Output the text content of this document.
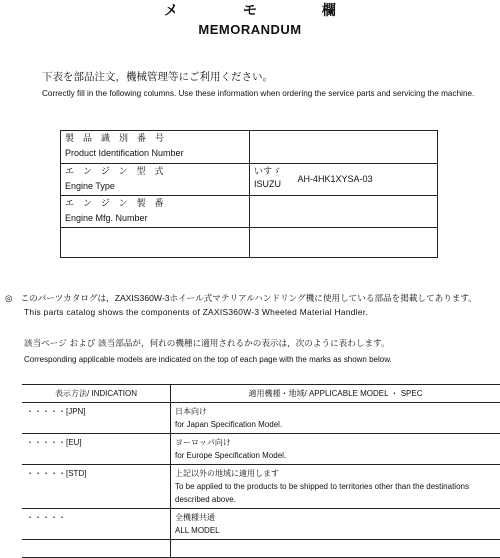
メ モ 欄
MEMORANDUM
下表を部品注文，機械管理等にご利用ください。
Correctly fill in the following columns. Use these information when ordering the service parts and servicing the machine.
製品識別番号
Product Identification Number	

エンジン型式
Engine Type	いすゞ
ISUZU AH-4HK1XYSA-03

エンジン製番
Engine Mfg. Number	

◎ このパーツカタログは，ZAXIS360W-3ホイール式マテリアルハンドリング機に使用している部品を掲載してあります。
This parts catalog shows the components of ZAXIS360W-3 Wheeled Material Handler.
該当ページ および 該当部品が，何れの機種に適用されるかの表示は，次のように表わします。
Corresponding applicable models are indicated on the top of each page with the marks as shown below.
表示方法/ INDICATION	適用機種・地域/ APPLICABLE MODEL ・ SPEC
・・・・・[JPN]	日本向け
for Japan Specification Model.

・・・・・[EU]	ヨーロッパ向け
for Europe Specification Model.

・・・・・[STD]	上記以外の地域に適用します
To be applied to the products to be shipped to territories other than the destinations described above.

・・・・・	全機種共通
ALL MODEL
